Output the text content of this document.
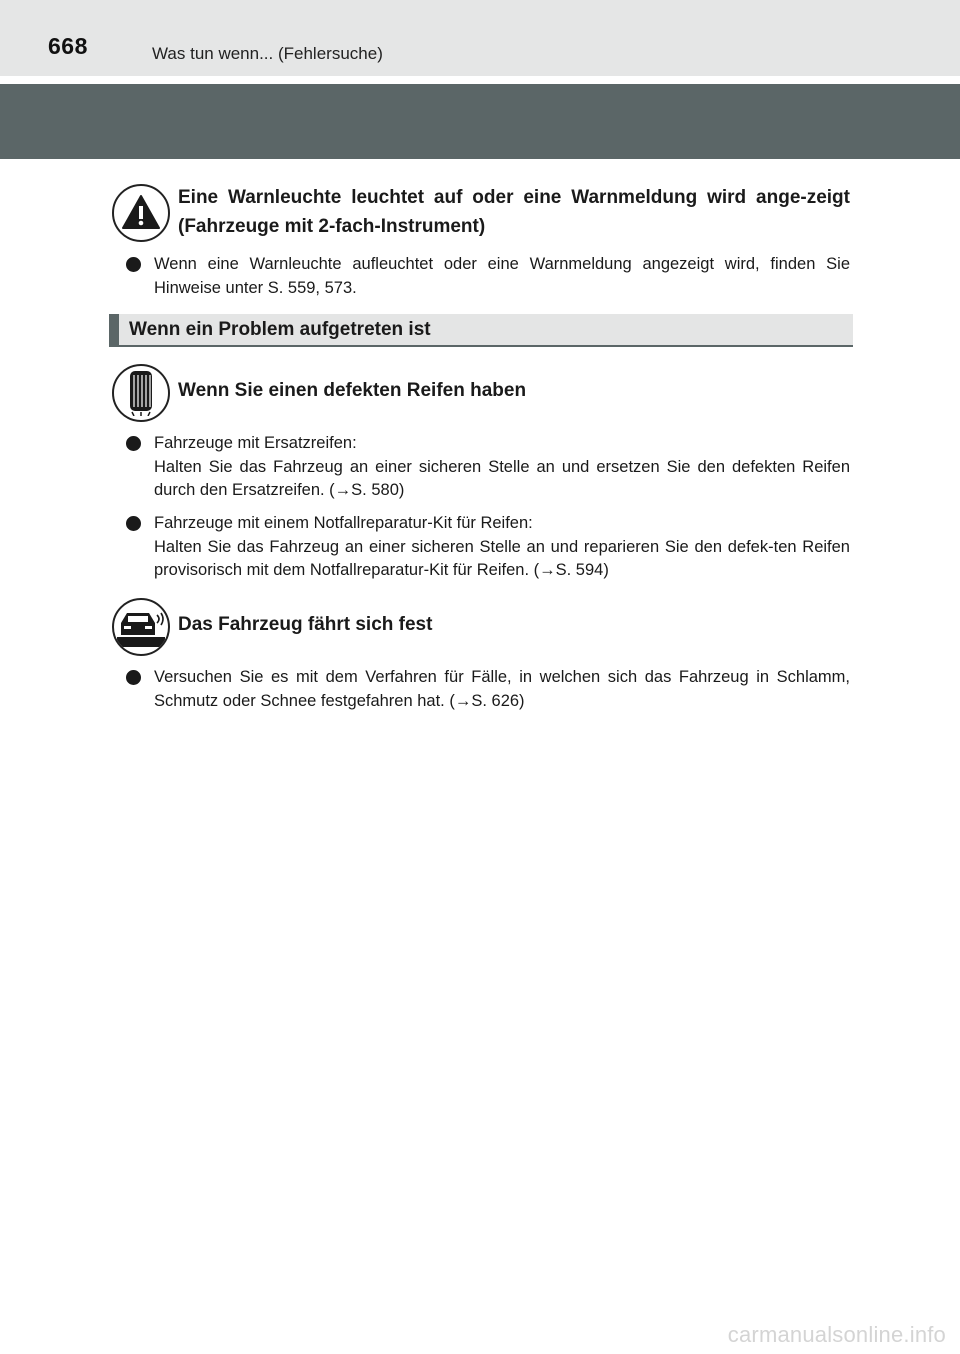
668	Was tun wenn... (Fehlersuche)
Eine Warnleuchte leuchtet auf oder eine Warnmeldung wird ange-zeigt (Fahrzeuge mit 2-fach-Instrument)
Wenn eine Warnleuchte aufleuchtet oder eine Warnmeldung angezeigt wird, finden Sie Hinweise unter S. 559, 573.
Wenn ein Problem aufgetreten ist
Wenn Sie einen defekten Reifen haben
Fahrzeuge mit Ersatzreifen:
Halten Sie das Fahrzeug an einer sicheren Stelle an und ersetzen Sie den defekten Reifen durch den Ersatzreifen. (→S. 580)
Fahrzeuge mit einem Notfallreparatur-Kit für Reifen:
Halten Sie das Fahrzeug an einer sicheren Stelle an und reparieren Sie den defek-ten Reifen provisorisch mit dem Notfallreparatur-Kit für Reifen. (→S. 594)
Das Fahrzeug fährt sich fest
Versuchen Sie es mit dem Verfahren für Fälle, in welchen sich das Fahrzeug in Schlamm, Schmutz oder Schnee festgefahren hat. (→S. 626)
carmanualsonline.info
